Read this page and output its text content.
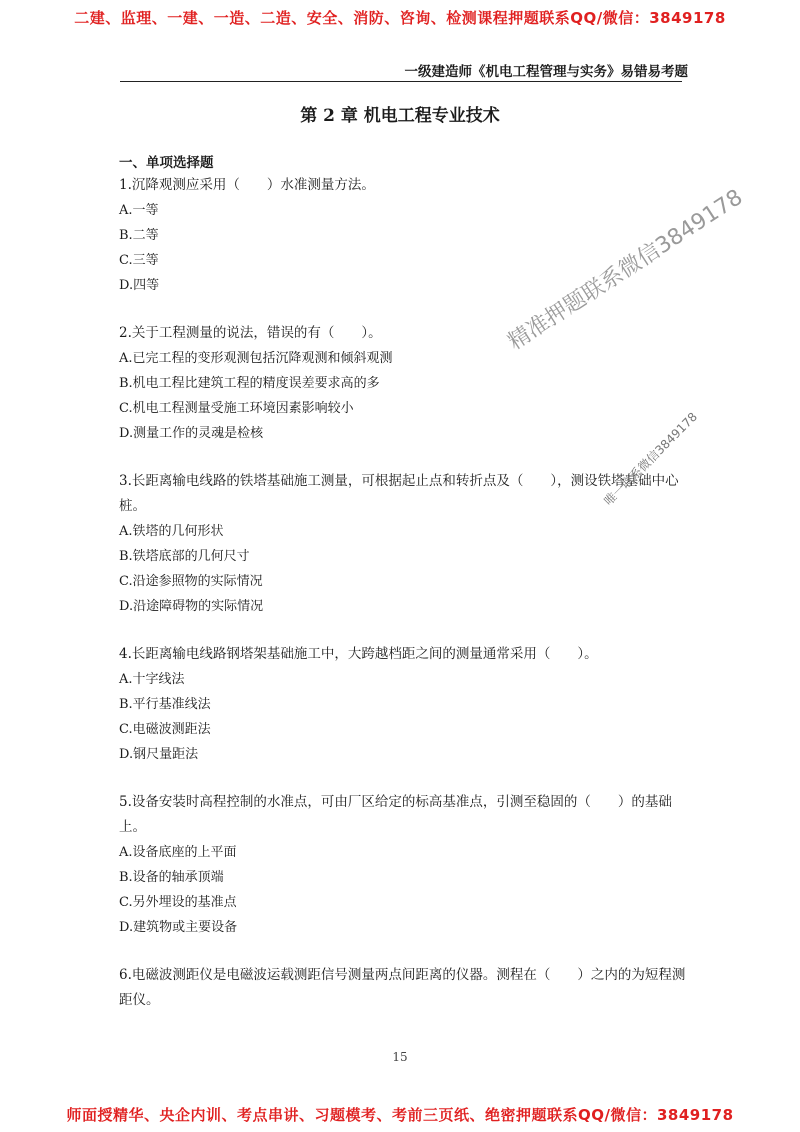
二建、监理、一建、一造、二造、安全、消防、咨询、检测课程押题联系QQ/微信：3849178
一级建造师《机电工程管理与实务》易错易考题
第 2 章 机电工程专业技术
一、单项选择题
1.沉降观测应采用（　　）水准测量方法。
A.一等
B.二等
C.三等
D.四等
2.关于工程测量的说法，错误的有（　　）。
A.已完工程的变形观测包括沉降观测和倾斜观测
B.机电工程比建筑工程的精度误差要求高的多
C.机电工程测量受施工环境因素影响较小
D.测量工作的灵魂是检核
3.长距离输电线路的铁塔基础施工测量，可根据起止点和转折点及（　　），测设铁塔基础中心桩。
A.铁塔的几何形状
B.铁塔底部的几何尺寸
C.沿途参照物的实际情况
D.沿途障碍物的实际情况
4.长距离输电线路钢塔架基础施工中，大跨越档距之间的测量通常采用（　　）。
A.十字线法
B.平行基准线法
C.电磁波测距法
D.钢尺量距法
5.设备安装时高程控制的水准点，可由厂区给定的标高基准点，引测至稳固的（　　）的基础上。
A.设备底座的上平面
B.设备的轴承顶端
C.另外埋设的基准点
D.建筑物或主要设备
6.电磁波测距仪是电磁波运载测距信号测量两点间距离的仪器。测程在（　　）之内的为短程测距仪。
15
精准押题联系微信3849178
唯一联系微信3849178
师面授精华、央企内训、考点串讲、习题模考、考前三页纸、绝密押题联系QQ/微信：3849178
